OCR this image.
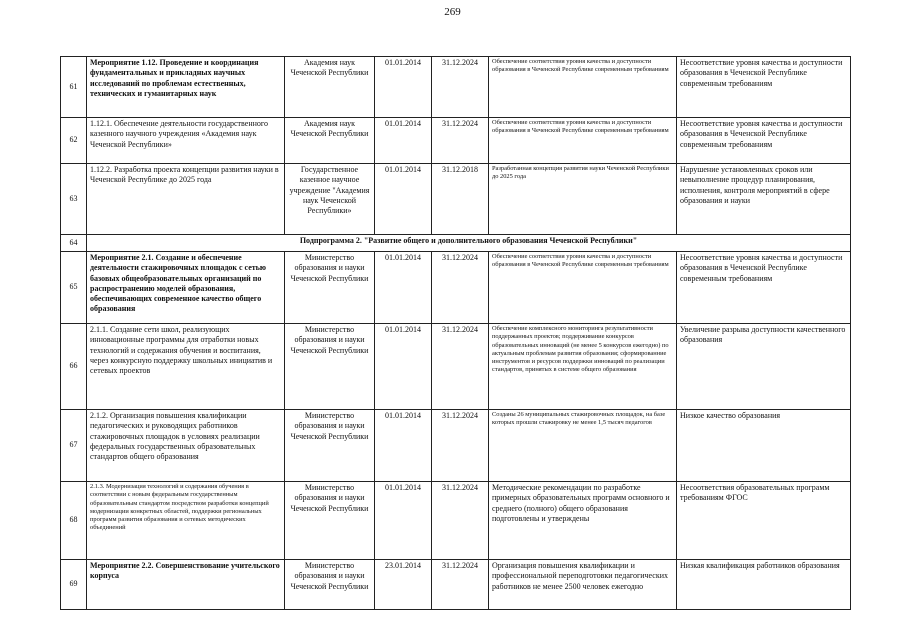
269
61	Мероприятие 1.12. Проведение и координация фундаментальных и прикладных научных исследований по проблемам естественных, технических и гуманитарных наук	Академия наук Чеченской Республики	01.01.2014	31.12.2024	Обеспечение соответствия уровня качества и доступности образования в Чеченской Республике современным требованиям	Несоответствие уровня качества и доступности образования в Чеченской Республике современным требованиям
62	1.12.1. Обеспечение деятельности государственного казенного научного учреждения «Академия наук Чеченской Республики»	Академия наук Чеченской Республики	01.01.2014	31.12.2024	Обеспечение соответствия уровня качества и доступности образования в Чеченской Республике современным требованиям	Несоответствие уровня качества и доступности образования в Чеченской Республике современным требованиям
63	1.12.2. Разработка проекта концепции развития науки в Чеченской Республике до 2025 года	Государственное казенное научное учреждение "Академия наук Чеченской Республики»	01.01.2014	31.12.2018	Разработанная концепция развития науки Чеченской Республики до 2025 года	Нарушение установленных сроков или невыполнение процедур планирования, исполнения, контроля мероприятий в сфере образования и науки
64	Подпрограмма 2. "Развитие общего и дополнительного образования Чеченской Республики"					
65	Мероприятие 2.1. Создание и обеспечение деятельности стажировочных площадок с сетью базовых общеобразовательных организаций по распространению моделей образования, обеспечивающих современное качество общего образования	Министерство образования и науки Чеченской Республики	01.01.2014	31.12.2024	Обеспечение соответствия уровня качества и доступности образования в Чеченской Республике современным требованиям	Несоответствие уровня качества и доступности образования в Чеченской Республике современным требованиям
66	2.1.1. Создание сети школ, реализующих инновационные программы для отработки новых технологий и содержания обучения и воспитания, через конкурсную поддержку школьных инициатив и сетевых проектов	Министерство образования и науки Чеченской Республики	01.01.2014	31.12.2024	Обеспечение комплексного мониторинга результативности поддержанных проектов; поддерживание конкурсов образовательных инноваций (не менее 5 конкурсов ежегодно) по актуальным проблемам развития образования; сформированние инструментов и ресурсов поддержки инноваций по реализации стандартов, принятых в системе общего образования	Увеличение разрыва доступности качественного образования
67	2.1.2. Организация повышения квалификации педагогических и руководящих работников стажировочных площадок в условиях реализации федеральных государственных образовательных стандартов общего образования	Министерство образования и науки Чеченской Республики	01.01.2014	31.12.2024	Созданы 26 муниципальных стажировочных площадок, на базе которых прошли стажировку не менее 1,5 тысяч педагогов	Низкое качество образования
68	2.1.3. Модернизация технологий и содержания обучения в соответствии с новым федеральным государственным образовательным стандартом посредством разработки концепций модернизации конкретных областей, поддержки региональных программ развития образования и сетевых методических объединений	Министерство образования и науки Чеченской Республики	01.01.2014	31.12.2024	Методические рекомендации по разработке примерных образовательных программ основного и среднего (полного) общего образования подготовлены и утверждены	Несоответствия образовательных программ требованиям ФГОС
69	Мероприятие 2.2. Совершенствование учительского корпуса	Министерство образования и науки Чеченской Республики	23.01.2014	31.12.2024	Организация повышения квалификации и профессиональной переподготовки педагогических работников не менее 2500 человек ежегодно	Низкая квалификация работников образования
